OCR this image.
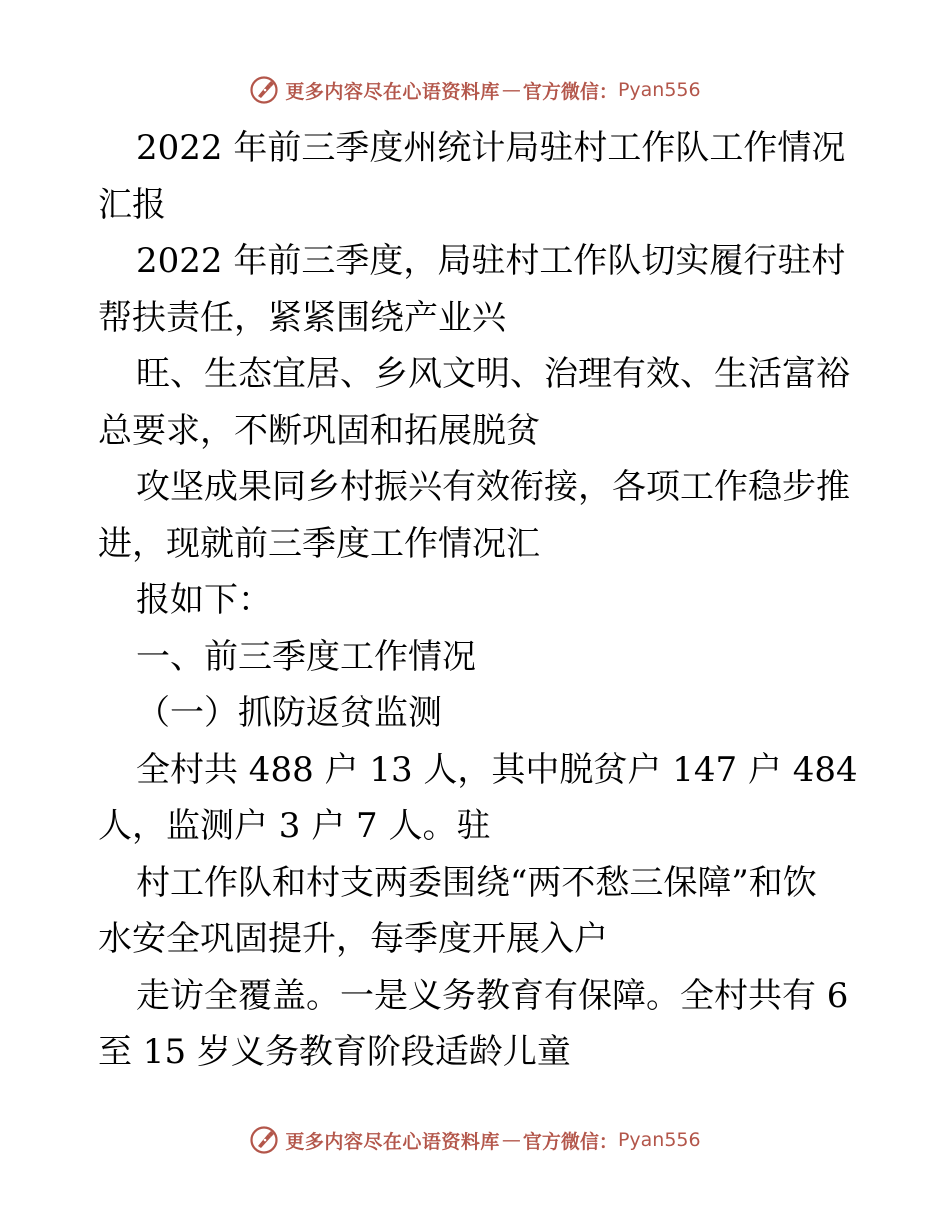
更多内容尽在心语资料库 — 官方微信： Pyan556
2022 年前三季度州统计局驻村工作队工作情况
汇报
2022 年前三季度，局驻村工作队切实履行驻村
帮扶责任，紧紧围绕产业兴
旺、生态宜居、乡风文明、治理有效、生活富裕
总要求，不断巩固和拓展脱贫
攻坚成果同乡村振兴有效衔接，各项工作稳步推
进，现就前三季度工作情况汇
报如下：
一、前三季度工作情况
（一）抓防返贫监测
全村共 488 户 13 人，其中脱贫户 147 户 484
人，监测户 3 户 7 人。驻
村工作队和村支两委围绕“两不愁三保障”和饮
水安全巩固提升，每季度开展入户
走访全覆盖。一是义务教育有保障。全村共有 6
至 15 岁义务教育阶段适龄儿童
更多内容尽在心语资料库 — 官方微信： Pyan556
